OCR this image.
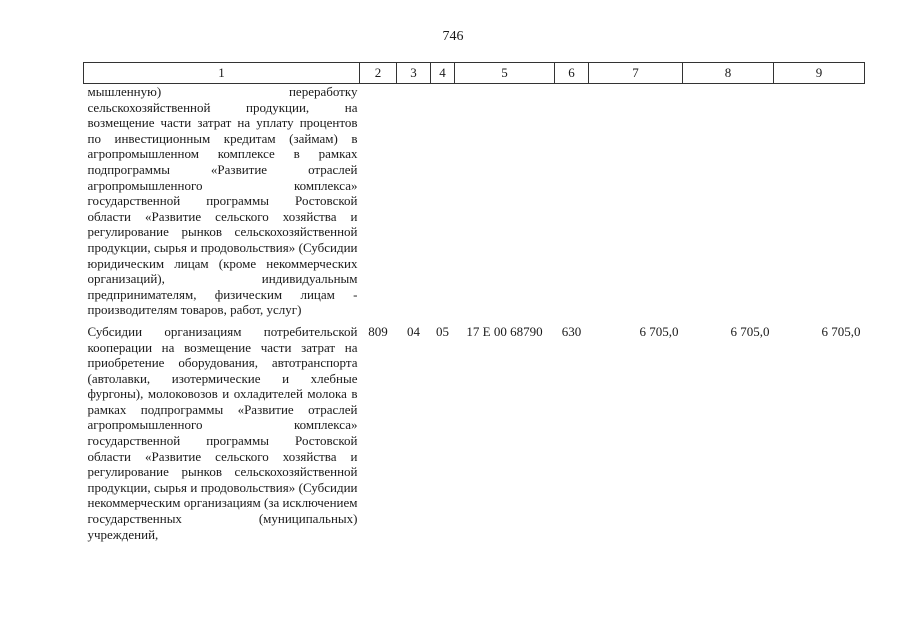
746
1	2	3	4	5	6	7	8	9
мышленную) переработку сельскохозяйственной продукции, на возмещение части затрат на уплату процентов по инвестиционным кредитам (займам) в агропромышленном комплексе в рамках подпрограммы «Развитие отраслей агропромышленного комплекса» государственной программы Ростовской области «Развитие сельского хозяйства и регулирование рынков сельскохозяйственной продукции, сырья и продовольствия» (Субсидии юридическим лицам (кроме некоммерческих организаций), индивидуальным предпринимателям, физическим лицам - производителям товаров, работ, услуг)								
Субсидии организациям потребительской кооперации на возмещение части затрат на приобретение оборудования, автотранспорта (автолавки, изотермические и хлебные фургоны), молоковозов и охладителей молока в рамках подпрограммы «Развитие отраслей агропромышленного комплекса» государственной программы Ростовской области «Развитие сельского хозяйства и регулирование рынков сельскохозяйственной продукции, сырья и продовольствия» (Субсидии некоммерческим организациям (за исключением государственных (муниципальных) учреждений,	809	04	05	17 Е 00 68790	630	6 705,0	6 705,0	6 705,0
